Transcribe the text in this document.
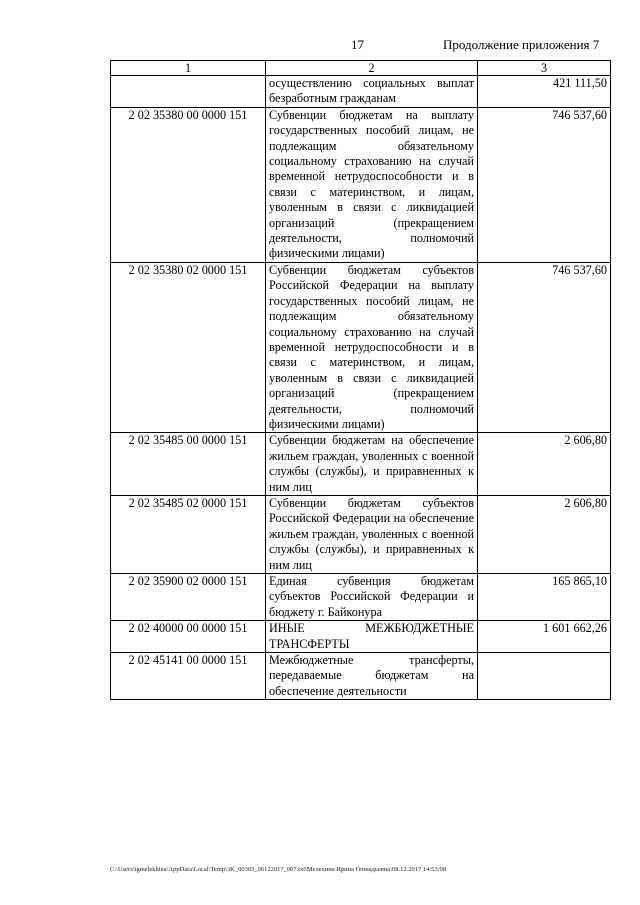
17	Продолжение приложения 7
1	2	3
	осуществлению социальных выплат безработным гражданам	421 111,50
2 02 35380 00 0000 151	Субвенции бюджетам на выплату государственных пособий лицам, не подлежащим обязательному социальному страхованию на случай временной нетрудоспособности и в связи с материнством, и лицам, уволенным в связи с ликвидацией организаций (прекращением деятельности, полномочий физическими лицами)	746 537,60
2 02 35380 02 0000 151	Субвенции бюджетам субъектов Российской Федерации на выплату государственных пособий лицам, не подлежащим обязательному социальному страхованию на случай временной нетрудоспособности и в связи с материнством, и лицам, уволенным в связи с ликвидацией организаций (прекращением деятельности, полномочий физическими лицами)	746 537,60
2 02 35485 00 0000 151	Субвенции бюджетам на обеспечение жильем граждан, уволенных с военной службы (службы), и приравненных к ним лиц	2 606,80
2 02 35485 02 0000 151	Субвенции бюджетам субъектов Российской Федерации на обеспечение жильем граждан, уволенных с военной службы (службы), и приравненных к ним лиц	2 606,80
2 02 35900 02 0000 151	Единая субвенция бюджетам субъектов Российской Федерации и бюджету г. Байконура	165 865,10
2 02 40000 00 0000 151	ИНЫЕ МЕЖБЮДЖЕТНЫЕ ТРАНСФЕРТЫ	1 601 662,26
2 02 45141 00 0000 151	Межбюджетные трансферты, передаваемые бюджетам на обеспечение деятельности	
C:\Users\igmelekhina\AppData\Local\Temp\3K_00303_06122017_007.txt\Мелехина Ирина Геннадьевна\08.12.2017 14:53:08
